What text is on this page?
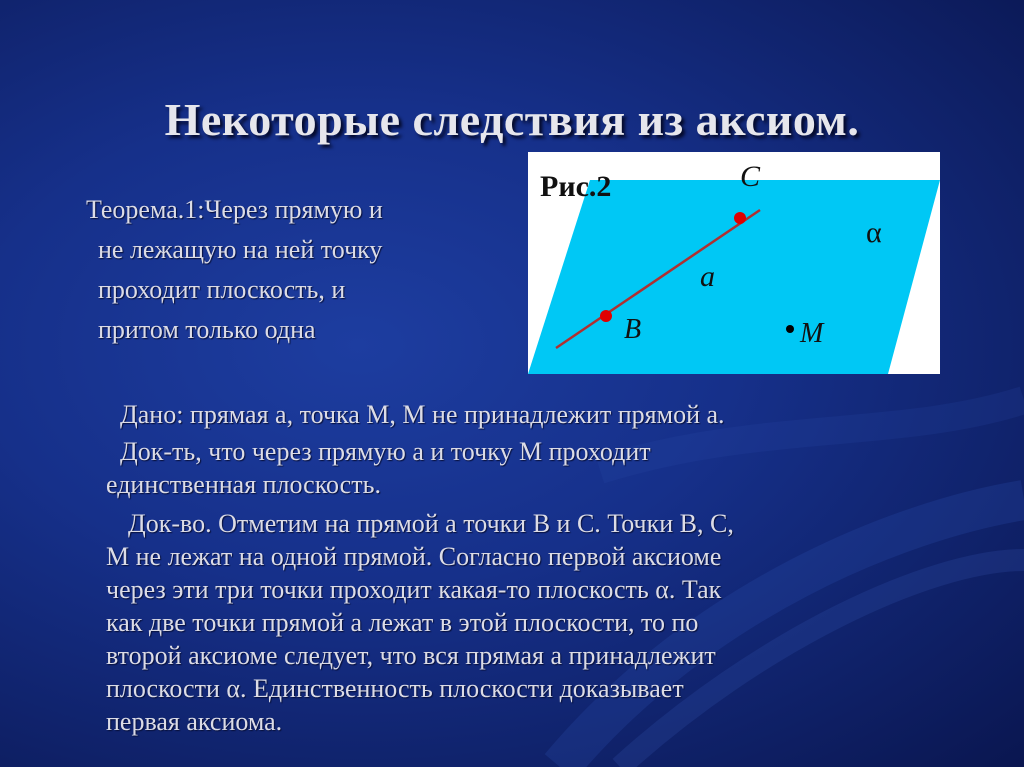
Некоторые следствия из аксиом.
Теорема.1:Через прямую и

не лежащую на ней точку
проходит плоскость, и
притом только одна
Рис.2	C
B	M
a
α

Дано: прямая а, точка М, М не принадлежит прямой а.

Док-ть, что через прямую а и точку М проходит
единственная плоскость.

Док-во. Отметим на прямой а точки В и С. Точки В, С,
М не лежат на одной прямой. Согласно первой аксиоме
через эти три точки проходит какая-то плоскость α. Так
как две точки прямой а лежат в этой плоскости, то по
второй аксиоме следует, что вся прямая а принадлежит
плоскости α. Единственность плоскости доказывает
первая аксиома.
